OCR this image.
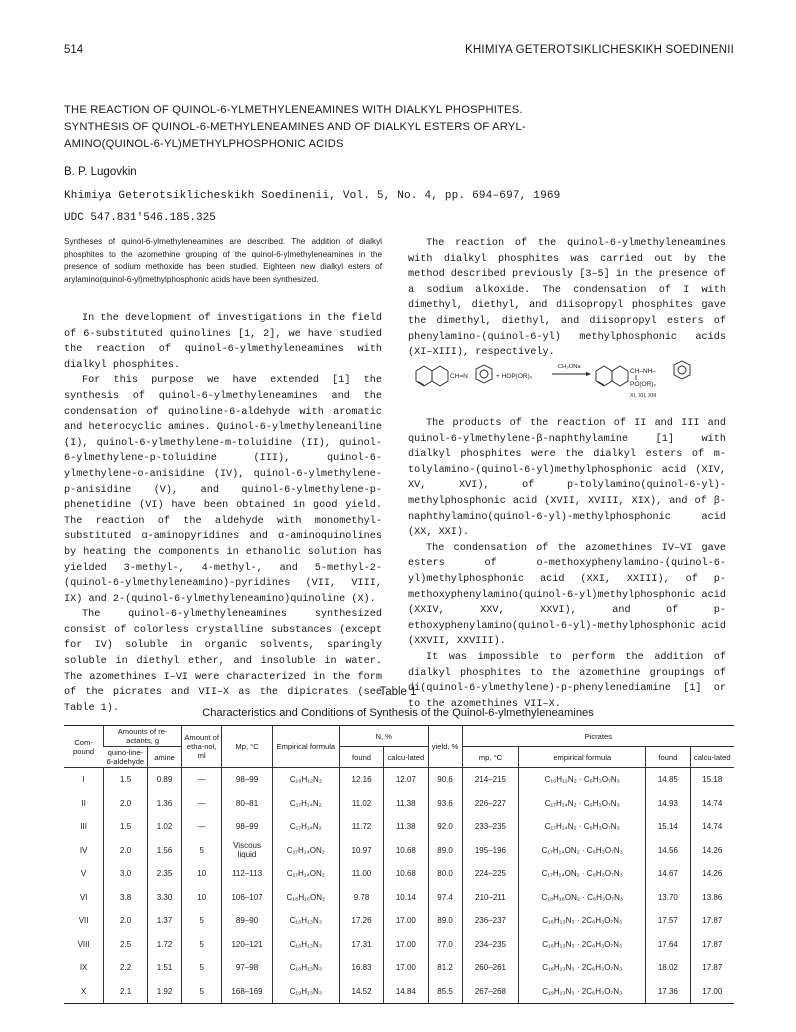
514	KHIMIYA GETEROTSIKLICHESKIKH SOEDINENII
THE REACTION OF QUINOL-6-YLMETHYLENEAMINES WITH DIALKYL PHOSPHITES.
SYNTHESIS OF QUINOL-6-METHYLENEAMINES AND OF DIALKYL ESTERS OF ARYL-
AMINO(QUINOL-6-YL)METHYLPHOSPHONIC ACIDS
B. P. Lugovkin
Khimiya Geterotsiklicheskikh Soedinenii, Vol. 5, No. 4, pp. 694–697, 1969
UDC 547.831'546.185.325
Syntheses of quinol-6-ylmethyleneamines are described. The addition of dialkyl phosphites to the azomethine grouping of the quinol-6-ylmethyleneamines in the presence of sodium methoxide has been studied. Eighteen new dialkyl esters of arylamino(quinol-6-yl)methylphosphonic acids have been synthesized.

In the development of investigations in the field of 6-substituted quinolines [1, 2], we have studied the reaction of quinol-6-ylmethyleneamines with dialkyl phosphites.

For this purpose we have extended [1] the synthesis of quinol-6-ylmethyleneamines and the condensation of quinoline-6-aldehyde with aromatic and heterocyclic amines. Quinol-6-ylmethyleneaniline (I), quinol-6-ylmethylene-m-toluidine (II), quinol-6-ylmethylene-p-toluidine (III), quinol-6-ylmethylene-o-anisidine (IV), quinol-6-ylmethylene-p-anisidine (V), and quinol-6-ylmethylene-p-phenetidine (VI) have been obtained in good yield. The reaction of the aldehyde with monomethyl-substituted α-aminopyridines and α-aminoquinolines by heating the components in ethanolic solution has yielded 3-methyl-, 4-methyl-, and 5-methyl-2-(quinol-6-ylmethyleneamino)-pyridines (VII, VIII, IX) and 2-(quinol-6-ylmethyleneamino)quinoline (X).

The quinol-6-ylmethyleneamines synthesized consist of colorless crystalline substances (except for IV) soluble in organic solvents, sparingly soluble in diethyl ether, and insoluble in water. The azomethines I–VI were characterized in the form of the picrates and VII–X as the dipicrates (see Table 1).

The reaction of the quinol-6-ylmethyleneamines with dialkyl phosphites was carried out by the method described previously [3–5] in the presence of a sodium alkoxide. The condensation of I with dimethyl, diethyl, and diisopropyl phosphites gave the dimethyl, diethyl, and diisopropyl esters of phenylamino-(quinol-6-yl) methylphosphonic acids (XI–XIII), respectively.

CH=N	+ HOP(OR)₂
CH₃ONa
CH–NH–
PO(OR)₂
XI, XII, XIII

The products of the reaction of II and III and quinol-6-ylmethylene-β-naphthylamine [1] with dialkyl phosphites were the dialkyl esters of m-tolylamino-(quinol-6-yl)methylphosphonic acid (XIV, XV, XVI), of p-tolylamino(quinol-6-yl)-methylphosphonic acid (XVII, XVIII, XIX), and of β-naphthylamino(quinol-6-yl)-methylphosphonic acid (XX, XXI).

The condensation of the azomethines IV–VI gave esters of o-methoxyphenylamino-(quinol-6-yl)methylphosphonic acid (XXI, XXIII), of p-methoxyphenylamino(quinol-6-yl)methylphosphonic acid (XXIV, XXV, XXVI), and of p-ethoxyphenylamino(quinol-6-yl)-methylphosphonic acid (XXVII, XXVIII).

It was impossible to perform the addition of dialkyl phosphites to the azomethine groupings of di(quinol-6-ylmethylene)-p-phenylenediamine [1] or to the azomethines VII–X.

Table 1
Characteristics and Conditions of Synthesis of the Quinol-6-ylmethyleneamines
Com-pound	Amounts of re-actants, g		Amount of etha-nol, ml	Mp, °C	Empirical formula	N, %		yield, %	Picrates			
	quino-line-6-aldehyde	amine				found	calcu-lated		mp, °C	empirical formula	found	calcu-lated
I	1.5	0.89	—	98–99	C₁₆H₁₂N₂	12.16	12.07	90.6	214–215	C₁₆H₁₂N₂ · C₆H₃O₇N₃	14.85	15.18
II	2.0	1.36	—	80–81	C₁₇H₁₄N₂	11.02	11.38	93.6	226–227	C₁₇H₁₄N₂ · C₆H₃O₇N₃	14.93	14.74
III	1.5	1.02	—	98–99	C₁₇H₁₄N₂	11.72	11.38	92.0	233–235	C₁₇H₁₄N₂ · C₆H₃O₇N₃	15.14	14.74
IV	2.0	1.56	5	Viscous liquid	C₁₇H₁₄ON₂	10.97	10.68	89.0	195–196	C₁₇H₁₄ON₂ · C₆H₃O₇N₃	14.56	14.26
V	3.0	2.35	10	112–113	C₁₇H₁₄ON₂	11.00	10.68	80.0	224–225	C₁₇H₁₄ON₂ · C₆H₃O₇N₃	14.67	14.26
VI	3.8	3.30	10	106–107	C₁₈H₁₆ON₂	9.78	10.14	97.4	210–211	C₁₈H₁₆ON₂ · C₆H₃O₇N₃	13.70	13.86
VII	2.0	1.37	5	89–90	C₁₆H₁₃N₃	17.26	17.00	89.0	236–237	C₁₆H₁₃N₃ · 2C₆H₃O₇N₃	17.57	17.87
VIII	2.5	1.72	5	120–121	C₁₆H₁₃N₃	17.31	17.00	77.0	234–235	C₁₆H₁₃N₃ · 2C₆H₃O₇N₃	17.64	17.87
IX	2.2	1.51	5	97–98	C₁₆H₁₃N₃	16.83	17.00	81.2	260–261	C₁₆H₁₃N₃ · 2C₆H₃O₇N₃	18.02	17.87
X	2.1	1.92	5	168–169	C₁₉H₁₃N₃	14.52	14.84	85.5	267–268	C₁₉H₁₃N₃ · 2C₆H₃O₇N₃	17.36	17.00
